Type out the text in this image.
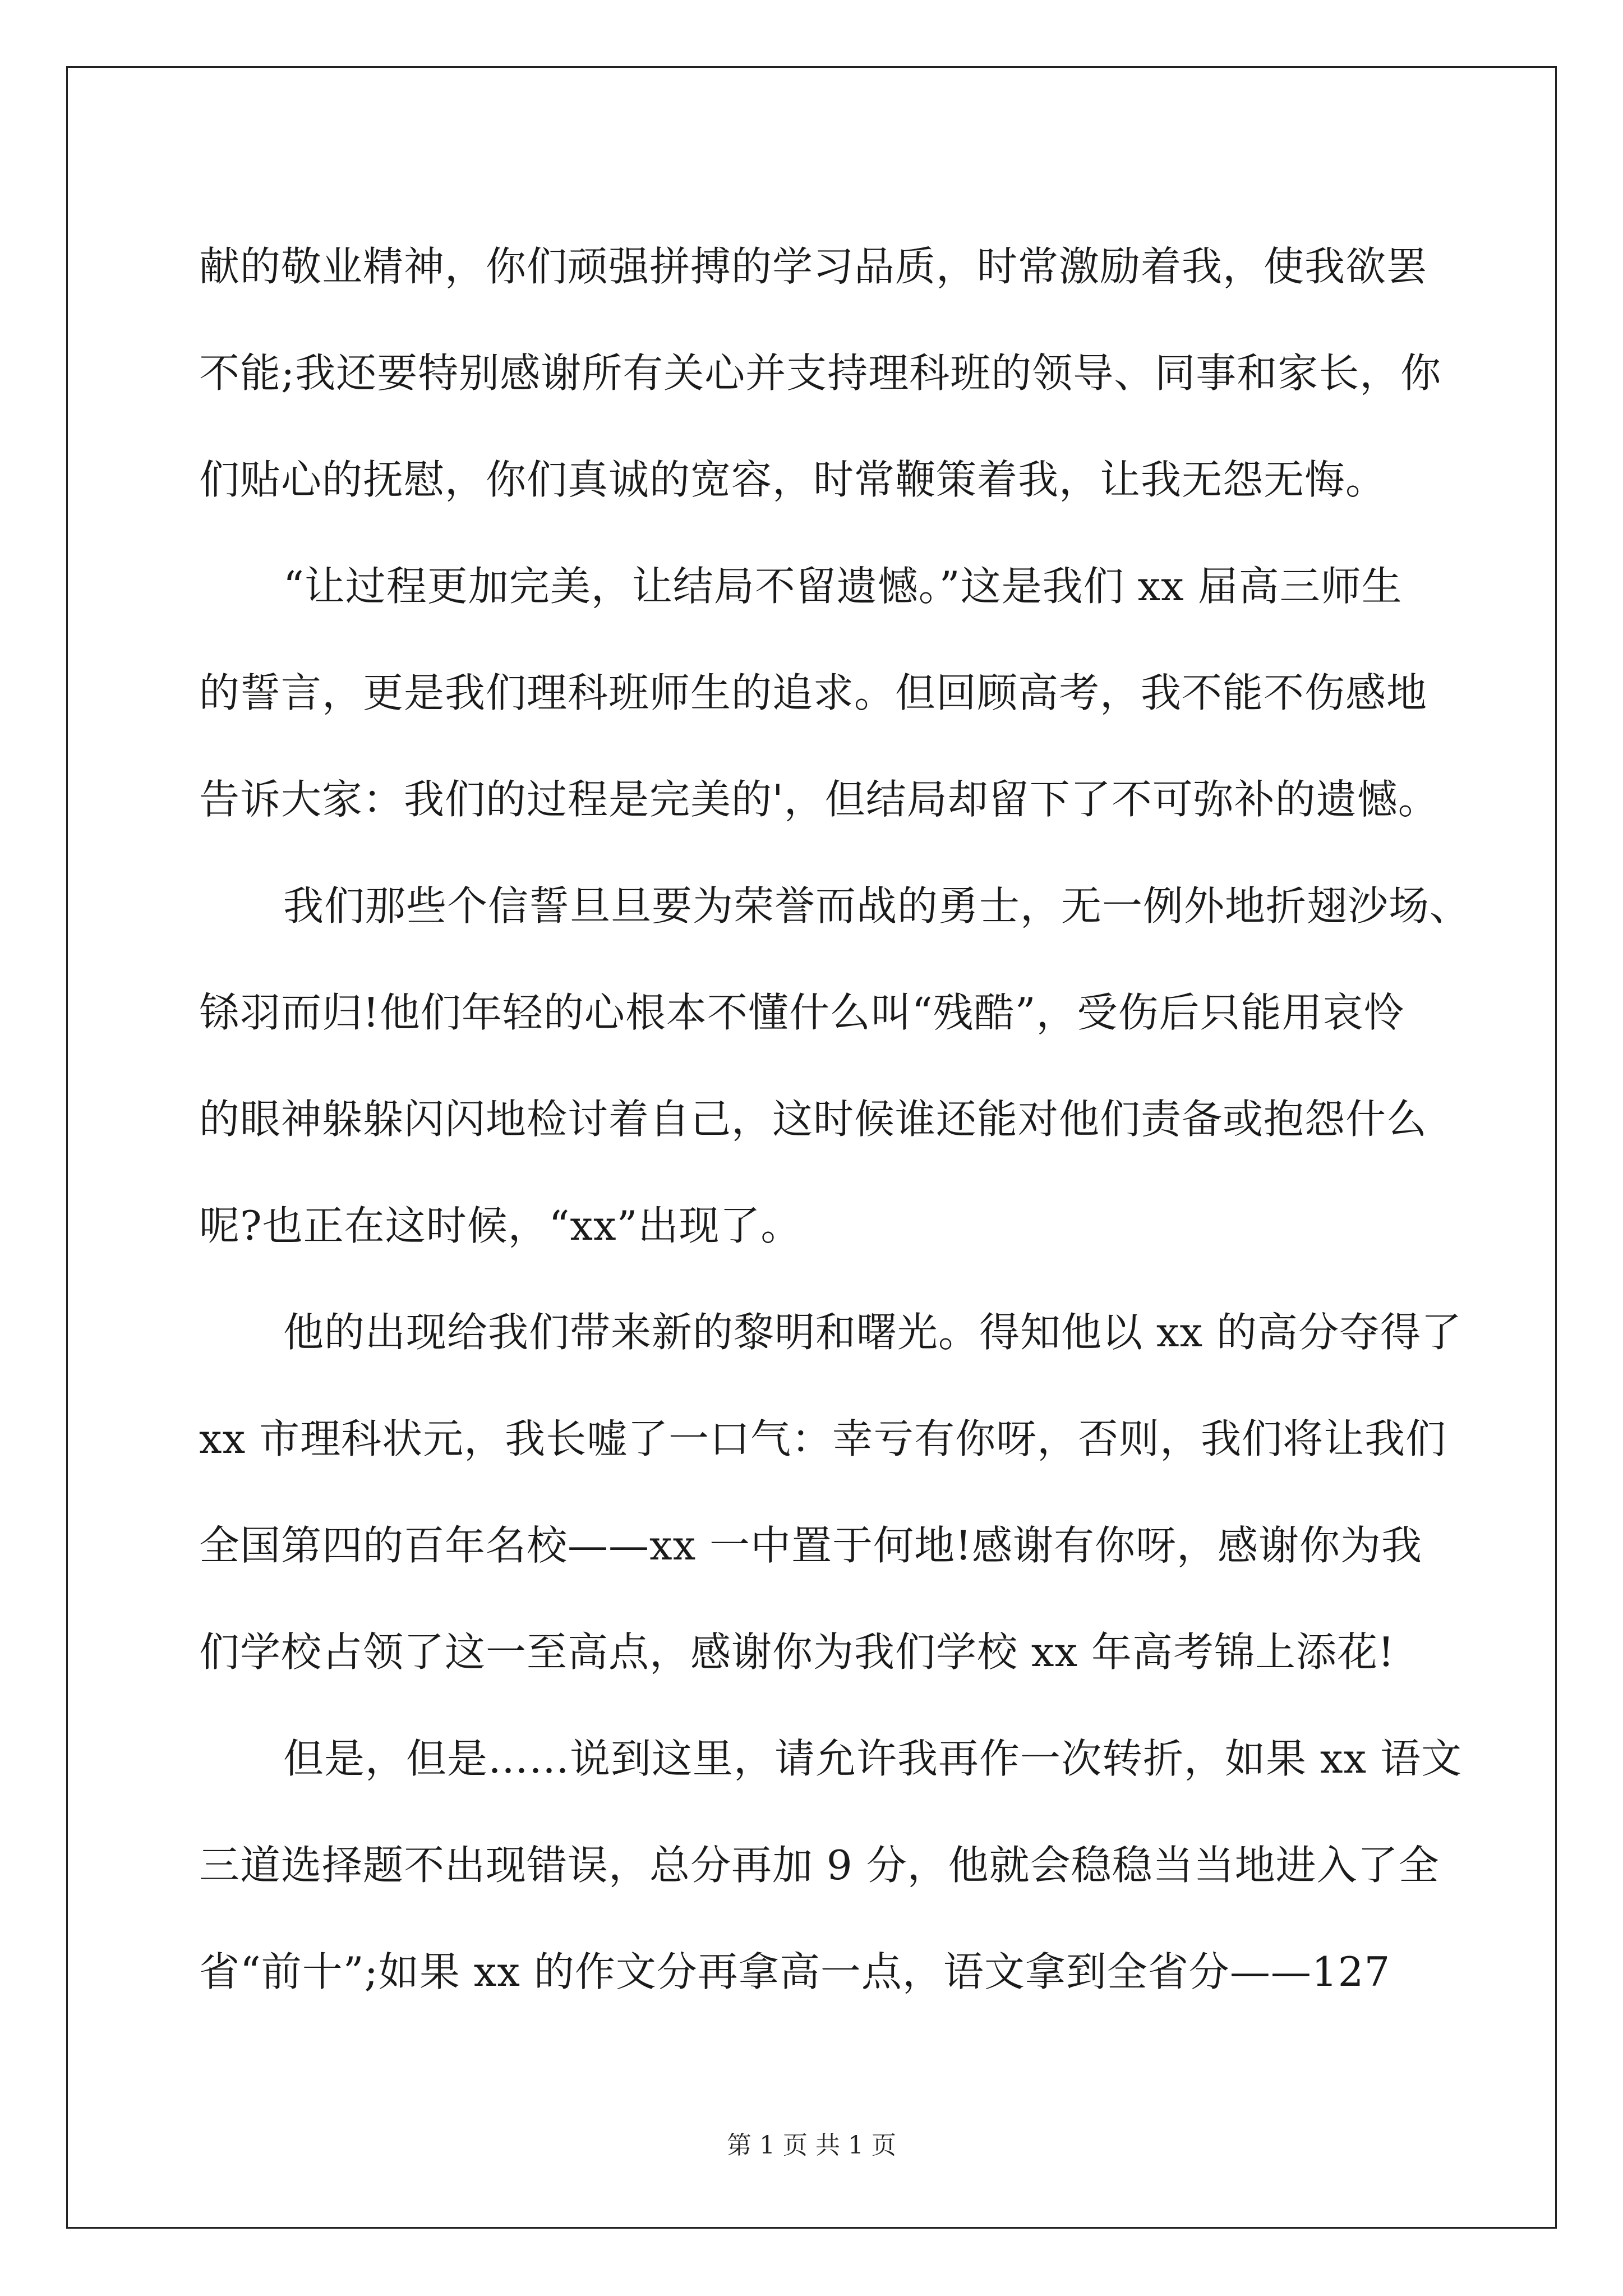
献的敬业精神，你们顽强拼搏的学习品质，时常激励着我，使我欲罢
不能;我还要特别感谢所有关心并支持理科班的领导、同事和家长，你
们贴心的抚慰，你们真诚的宽容，时常鞭策着我，让我无怨无悔。
“让过程更加完美，让结局不留遗憾。”这是我们 xx 届高三师生
的誓言，更是我们理科班师生的追求。但回顾高考，我不能不伤感地
告诉大家：我们的过程是完美的'，但结局却留下了不可弥补的遗憾。
我们那些个信誓旦旦要为荣誉而战的勇士，无一例外地折翅沙场、
铩羽而归!他们年轻的心根本不懂什么叫“残酷”，受伤后只能用哀怜
的眼神躲躲闪闪地检讨着自己，这时候谁还能对他们责备或抱怨什么
呢?也正在这时候，“xx”出现了。
他的出现给我们带来新的黎明和曙光。得知他以 xx 的高分夺得了
xx 市理科状元，我长嘘了一口气：幸亏有你呀，否则，我们将让我们
全国第四的百年名校——xx 一中置于何地!感谢有你呀，感谢你为我
们学校占领了这一至高点，感谢你为我们学校 xx 年高考锦上添花!
但是，但是……说到这里，请允许我再作一次转折，如果 xx 语文
三道选择题不出现错误，总分再加 9 分，他就会稳稳当当地进入了全
省“前十”;如果 xx 的作文分再拿高一点，语文拿到全省分——127
第 1 页 共 1 页
